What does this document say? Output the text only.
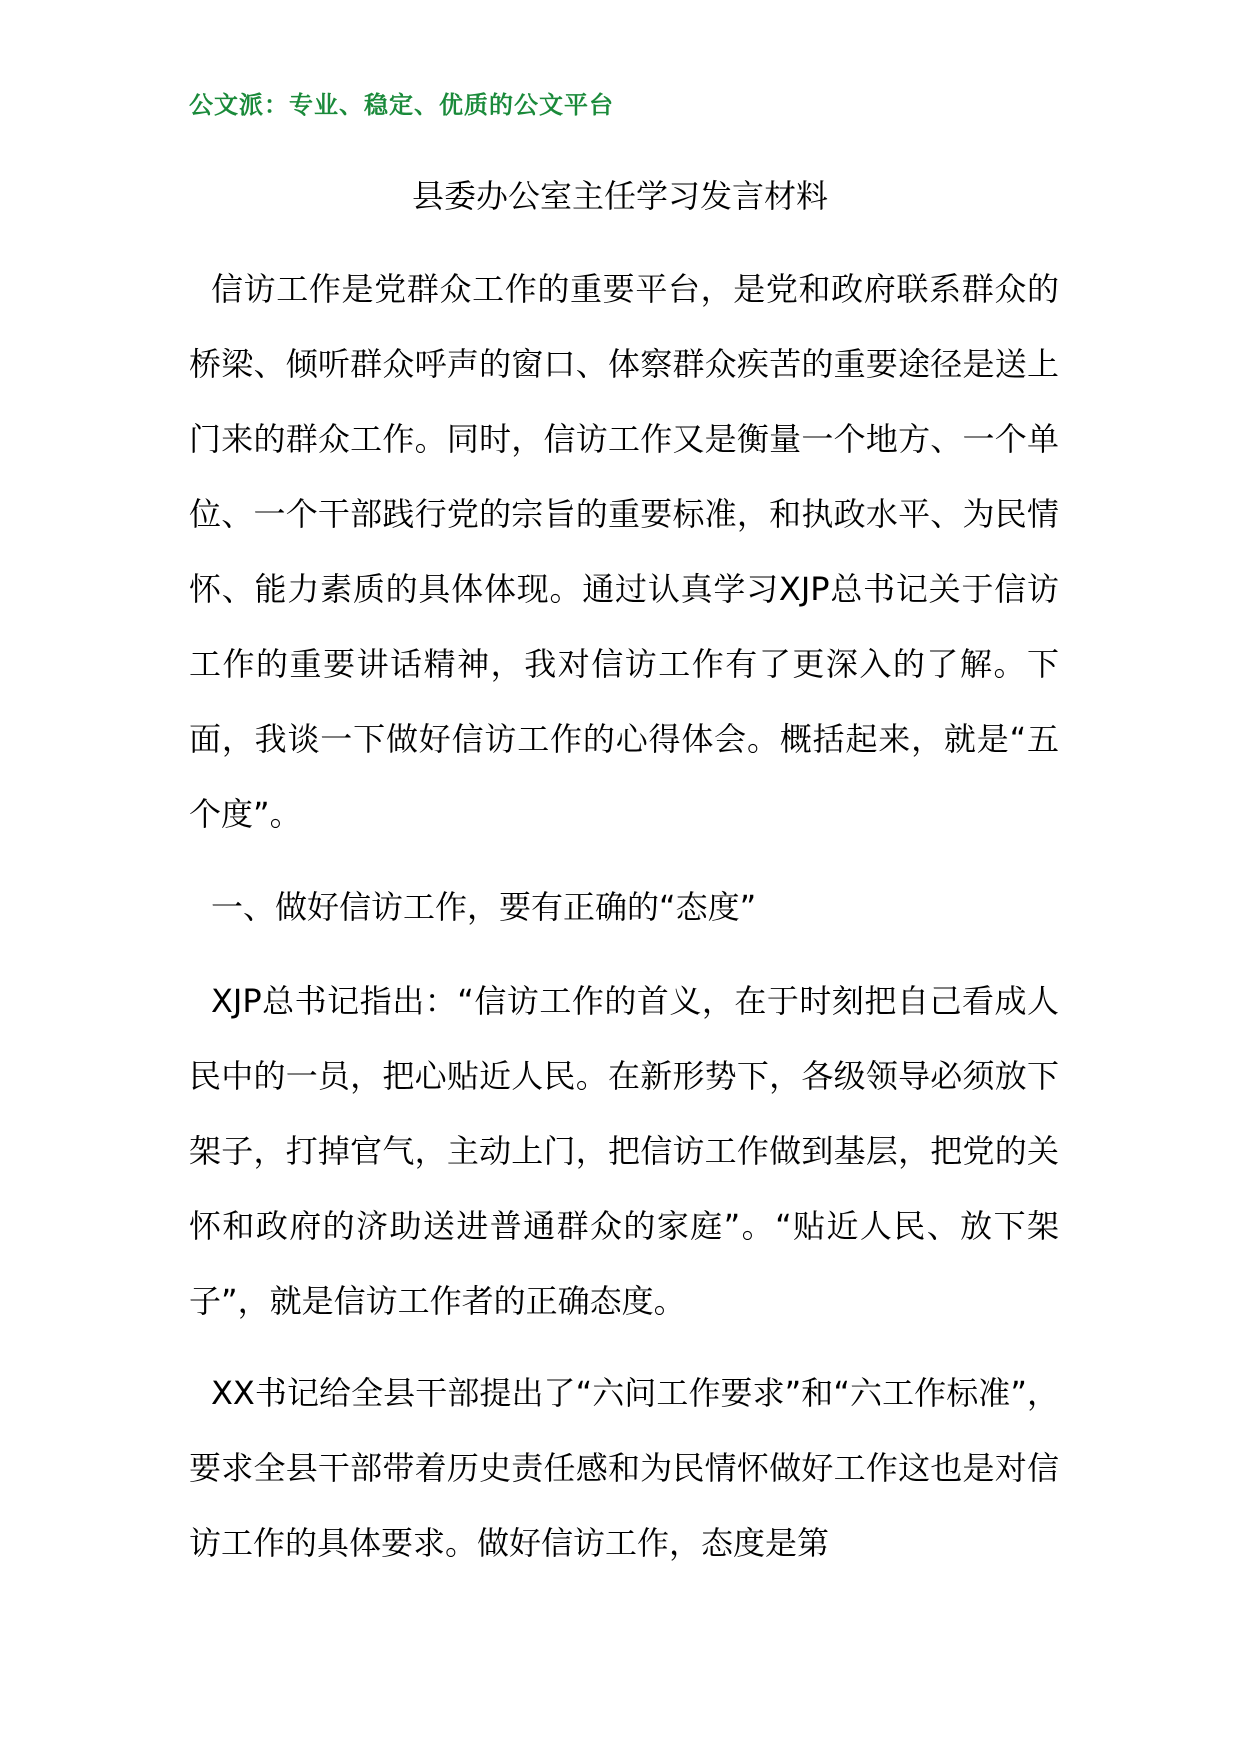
公文派：专业、稳定、优质的公文平台
县委办公室主任学习发言材料

信访工作是党群众工作的重要平台，是党和政府联系群众的桥梁、倾听群众呼声的窗口、体察群众疾苦的重要途径是送上门来的群众工作。同时，信访工作又是衡量一个地方、一个单位、一个干部践行党的宗旨的重要标准，和执政水平、为民情怀、能力素质的具体体现。通过认真学习XJP总书记关于信访工作的重要讲话精神，我对信访工作有了更深入的了解。下面，我谈一下做好信访工作的心得体会。概括起来，就是“五个度”。

一、做好信访工作，要有正确的“态度”

XJP总书记指出：“信访工作的首义，在于时刻把自己看成人民中的一员，把心贴近人民。在新形势下，各级领导必须放下架子，打掉官气，主动上门，把信访工作做到基层，把党的关怀和政府的济助送进普通群众的家庭”。“贴近人民、放下架子”，就是信访工作者的正确态度。

XX书记给全县干部提出了“六问工作要求”和“六工作标准”，要求全县干部带着历史责任感和为民情怀做好工作这也是对信访工作的具体要求。做好信访工作，态度是第
